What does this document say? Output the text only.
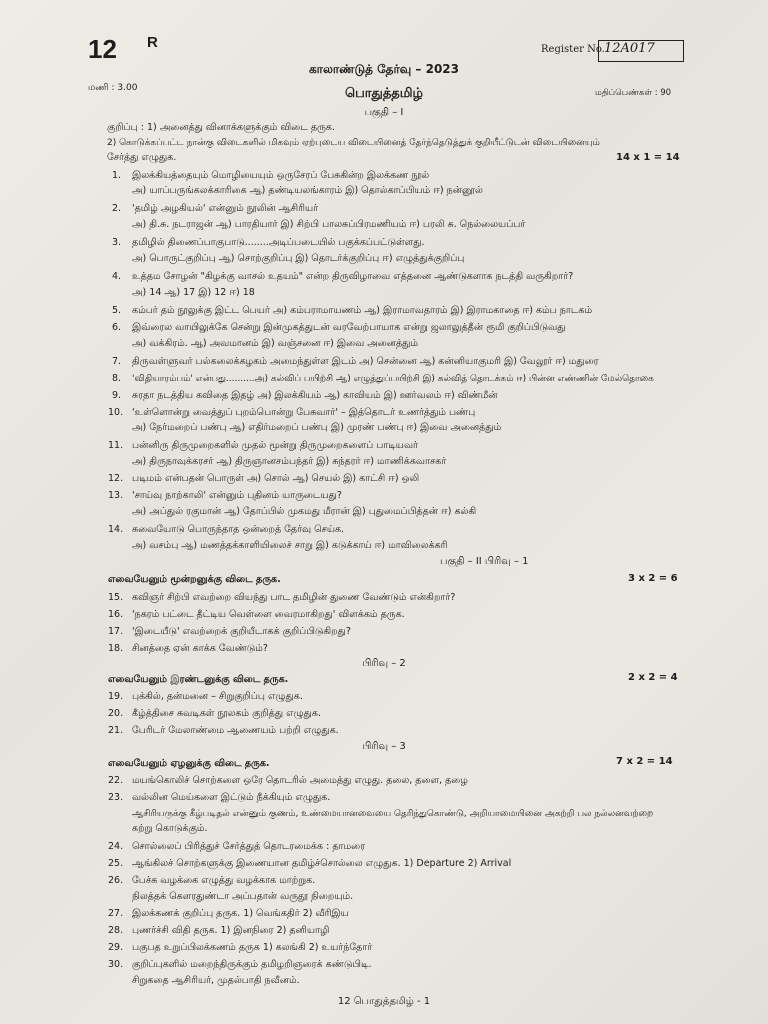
12 R	Register No. 12A017
மணி : 3.00
காலாண்டுத் தேர்வு – 2023
பொதுத்தமிழ்	மதிப்பெண்கள் : 90
பகுதி – I
குறிப்பு : 1) அனைத்து வினாக்களுக்கும் விடை தருக.
2) கொடுக்கப்பட்ட நான்கு விடைகளில் மிகவும் ஏற்புடைய விடையினைத் தேர்ந்தெடுத்துக் குறியீட்டுடன் விடையினையும்
சேர்த்து எழுதுக.	14 x 1 = 14
1. இலக்கியத்தையும் மொழியையும் ஒருசேரப் பேசுகின்ற இலக்கண நூல்
அ) யாப்பருங்கலக்காரிகை ஆ) தண்டியலங்காரம் இ) தொல்காப்பியம் ஈ) நன்னூல்
2. 'தமிழ் அழகியல்' என்னும் நூலின் ஆசிரியர்
அ) தி.சு. நடராஜன் ஆ) பாரதியார் இ) சிற்பி பாலசுப்பிரமணியம் ஈ) பரலி சு. நெல்லையப்பர்
3. தமிழில் திணைப்பாகுபாடு........அடிப்படையில் பகுக்கப்பட்டுள்ளது.
அ) பொருட்குறிப்பு ஆ) சொற்குறிப்பு இ) தொடர்க்குறிப்பு ஈ) எழுத்துக்குறிப்பு
4. உத்தம சோழன் "கிழக்கு வாசல் உதயம்" என்ற திருவிழாவை எத்தனை ஆண்டுகளாக நடத்தி வருகிறார்?
அ) 14 ஆ) 17 இ) 12 ஈ) 18
5. கம்பர் தம் நூலுக்கு இட்ட பெயர் அ) கம்பராமாயணம் ஆ) இராமாவதாரம் இ) இராமகாதை ஈ) கம்ப நாடகம்
6. இவ்ரைல வாயிலுக்கே சென்று இன்முகத்துடன் வரவேற்பாயாக என்று ஜலாலுத்தீன் ரூமி குறிப்பிடுவது
அ) வக்கிரம். ஆ) அவமானம் இ) வஞ்சனை ஈ) இவை அனைத்தும்
7. திருவள்ளுவர் பல்கலைக்கழகம் அமைந்துள்ள இடம் அ) சென்னை ஆ) கன்னியாகுமரி இ) வேலூர் ஈ) மதுரை
8. 'விதியாரம்பம்' என்பது..........அ) கல்விப் பயிற்சி ஆ) எழுத்துப்பயிற்சி இ) கல்வித் தொடக்கம் ஈ) பின்ன எண்ணின் மேல்தொகை
9. சுரதா நடத்திய கவிதை இதழ் அ) இலக்கியம் ஆ) காவியம் இ) ஊர்வலம் ஈ) விண்மீன்
10. 'உள்ளொன்று வைத்துப் புறம்பொன்று பேசுவார்' – இத்தொடர் உணர்த்தும் பண்பு
அ) நேர்மறைப் பண்பு ஆ) எதிர்மறைப் பண்பு இ) முரண் பண்பு ஈ) இவை அனைத்தும்
11. பன்னிரு திருமுறைகளில் முதல் மூன்று திருமுறைகளைப் பாடியவர்
அ) திருநாவுக்கரசர் ஆ) திருஞானசம்பந்தர் இ) சுந்தரர் ஈ) மாணிக்கவாசகர்
12. படிமம் என்பதன் பொருள் அ) சொல் ஆ) செயல் இ) காட்சி ஈ) ஒலி
13. 'சாய்வு நாற்காலி' என்னும் புதினம் யாருடையது?
அ) அப்துல் ரகுமான் ஆ) தோப்பில் முகமது மீரான் இ) புதுமைப்பித்தன் ஈ) கல்கி
14. சுவையோடு பொருந்தாத ஒன்றைத் தேர்வு செய்க.
அ) வசம்பு ஆ) மணத்தக்காளியிலைச் சாறு இ) கடுக்காய் ஈ) மாவிலைக்கரி
பகுதி – II பிரிவு – 1
எவையேனும் மூன்றனுக்கு விடை தருக.	3 x 2 = 6
15. கவிஞர் சிற்பி எவற்றை வியந்து பாட தமிழின் துணை வேண்டும் என்கிறார்?
16. 'நகரம் பட்டை தீட்டிய வெள்ளை வைரமாகிறது' விளக்கம் தருக.
17. 'இடையீடு' எவற்றைக் குறியீடாகக் குறிப்பிடுகிறது?
18. சினத்தை ஏன் காக்க வேண்டும்?
பிரிவு – 2
எவையேனும் இரண்டனுக்கு விடை தருக.	2 x 2 = 4
19. புக்கில், தன்மனை – சிறுகுறிப்பு எழுதுக.
20. கீழ்த்திசை சுவடிகள் நூலகம் குறித்து எழுதுக.
21. பேரிடர் மேலாண்மை ஆணையம் பற்றி எழுதுக.
பிரிவு – 3
எவையேனும் ஏழனுக்கு விடை தருக.	7 x 2 = 14
22. மயங்கொலிச் சொற்களை ஒரே தொடரில் அமைத்து எழுது. தலை, தளை, தழை
23. வல்லின மெய்களை இட்டும் நீக்கியும் எழுதுக.
ஆசிரியருக்கு கீழ்படிதல் என்னும் குணம், உண்மையானவையை தெரிந்துகொண்டு, அறியாமையினை அகற்றி பல நல்லனவற்றை
கற்று கொடுக்கும்.
24. சொல்லைப் பிரித்துச் சேர்த்துத் தொடரமைக்க : தாமரை
25. ஆங்கிலச் சொற்களுக்கு இணையான தமிழ்ச்சொல்லை எழுதுக. 1) Departure 2) Arrival
26. பேச்சு வழக்கை எழுத்து வழக்காக மாற்றுக.
நிலத்தக் கௌரதுண்டா அப்பதான் வருதூ நிறையும்.
27. இலக்கணக் குறிப்பு தருக. 1) வெங்கதிர் 2) வீரிஇய
28. புணர்ச்சி விதி தருக. 1) இனநிரை 2) தனியாழி
29. பகுபத உறுப்பிலக்கணம் தருக 1) கலங்கி 2) உயர்ந்தோர்
30. குறிப்புகளில் மறைந்திருக்கும் தமிழறிஞரைக் கண்டுபிடி.
சிறுகதை ஆசிரியர், முதல்பாதி நவீனம்.
12 பொதுத்தமிழ் - 1
